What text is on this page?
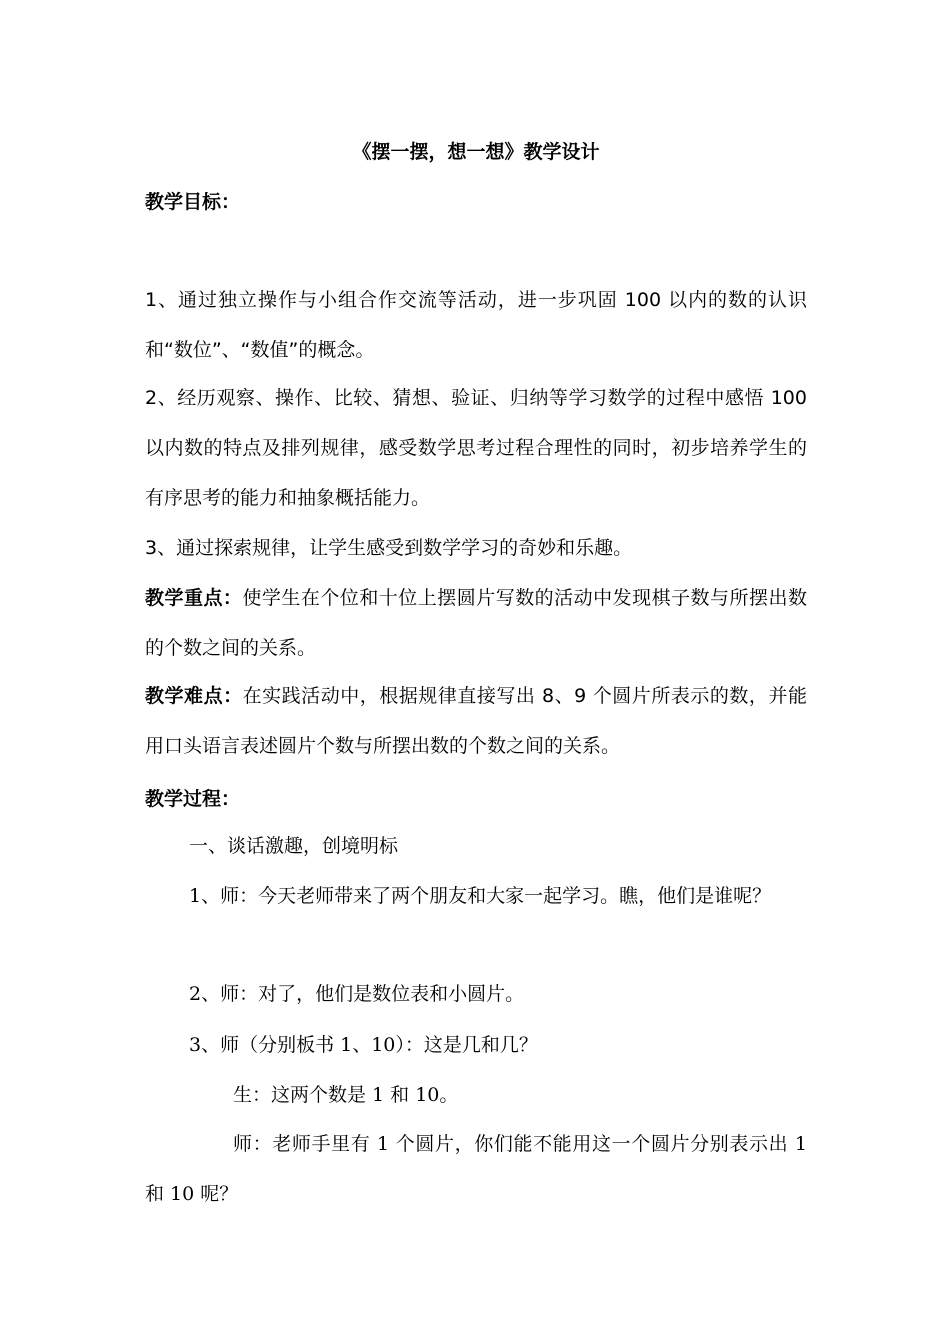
《摆一摆，想一想》教学设计
教学目标：
1、通过独立操作与小组合作交流等活动，进一步巩固 100 以内的数的认识和“数位”、“数值”的概念。
2、经历观察、操作、比较、猜想、验证、归纳等学习数学的过程中感悟 100 以内数的特点及排列规律，感受数学思考过程合理性的同时，初步培养学生的有序思考的能力和抽象概括能力。
3、通过探索规律，让学生感受到数学学习的奇妙和乐趣。
教学重点：使学生在个位和十位上摆圆片写数的活动中发现棋子数与所摆出数的个数之间的关系。
教学难点：在实践活动中，根据规律直接写出 8、9 个圆片所表示的数，并能用口头语言表述圆片个数与所摆出数的个数之间的关系。
教学过程：
一、谈话激趣，创境明标
1、师：今天老师带来了两个朋友和大家一起学习。瞧，他们是谁呢？
2、师：对了，他们是数位表和小圆片。
3、师（分别板书 1、10）：这是几和几？
生：这两个数是 1 和 10。
师：老师手里有 1 个圆片，你们能不能用这一个圆片分别表示出 1 和 10 呢？
